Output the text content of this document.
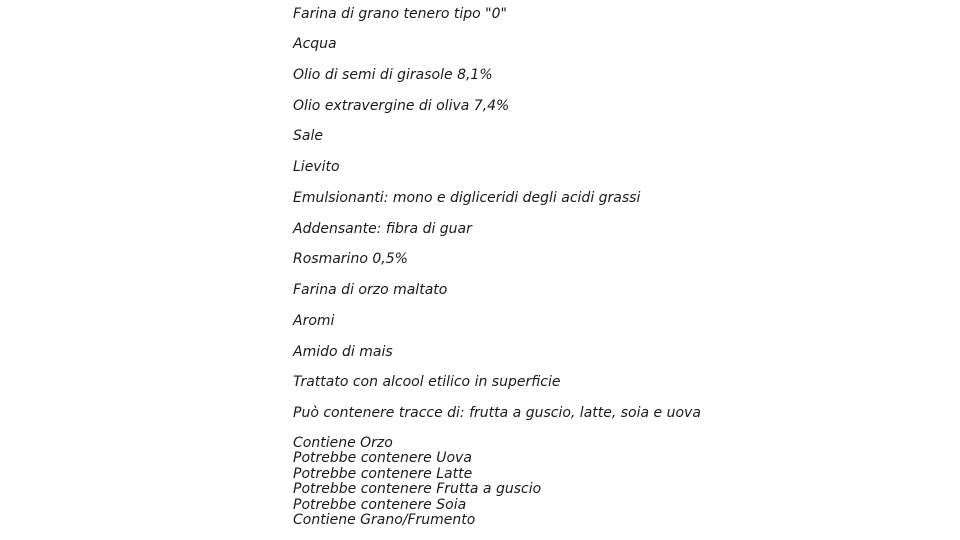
Farina di grano tenero tipo "0"

Acqua

Olio di semi di girasole 8,1%

Olio extravergine di oliva 7,4%

Sale

Lievito

Emulsionanti: mono e digliceridi degli acidi grassi

Addensante: fibra di guar

Rosmarino 0,5%

Farina di orzo maltato

Aromi

Amido di mais

Trattato con alcool etilico in superficie

Può contenere tracce di: frutta a guscio, latte, soia e uova

Contiene Orzo

Potrebbe contenere Uova

Potrebbe contenere Latte

Potrebbe contenere Frutta a guscio

Potrebbe contenere Soia

Contiene Grano/Frumento
